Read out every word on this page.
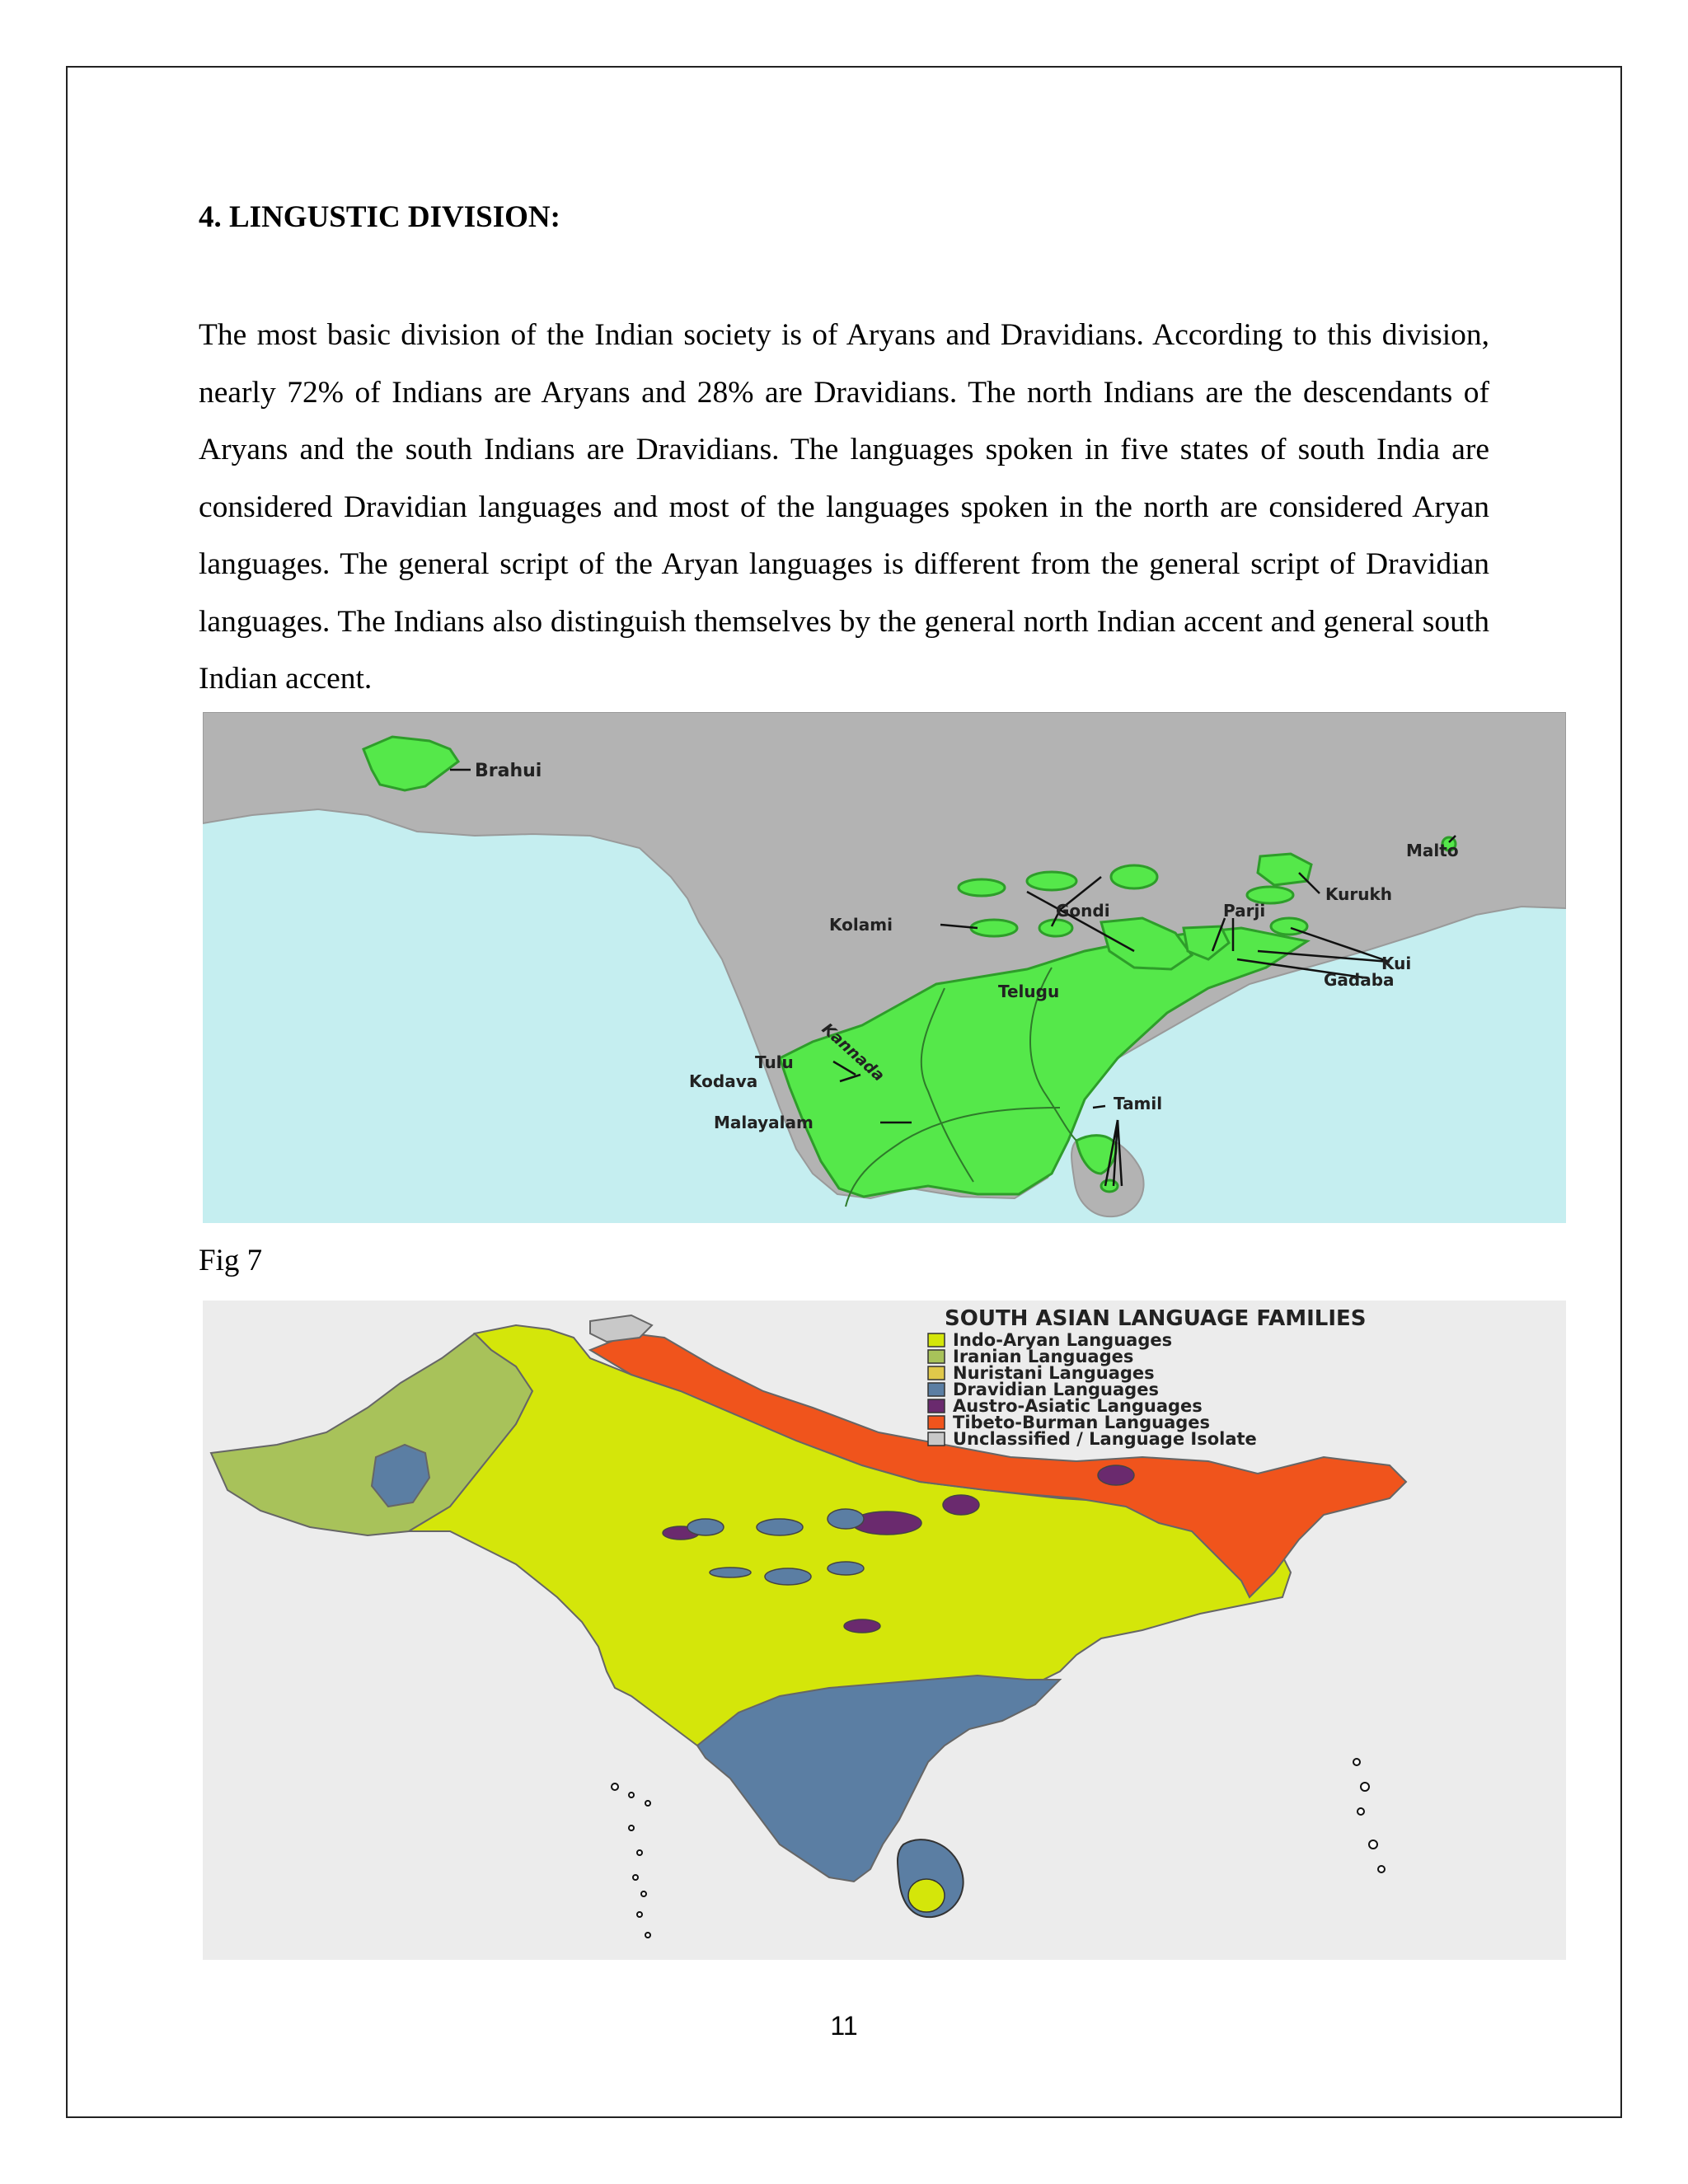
4. LINGUSTIC DIVISION:

The most basic division of the Indian society is of Aryans and Dravidians. According to this division, nearly 72% of Indians are Aryans and 28% are Dravidians. The north Indians are the descendants of Aryans and the south Indians are Dravidians. The languages spoken in five states of south India are considered Dravidian languages and most of the languages spoken in the north are considered Aryan languages. The general script of the Aryan languages is different from the general script of Dravidian languages. The Indians also distinguish themselves by the general north Indian accent and general south Indian accent.

Brahui
Malto
Kurukh
Gondi	Parji
Kolami
Kui
Gadaba
Telugu
Kannada
Tulu
Kodava
Tamil
Malayalam
Fig 7
SOUTH ASIAN LANGUAGE FAMILIES
Indo-Aryan Languages
Iranian Languages
Nuristani Languages
Dravidian Languages
Austro-Asiatic Languages
Tibeto-Burman Languages
Unclassified / Language Isolate
11
